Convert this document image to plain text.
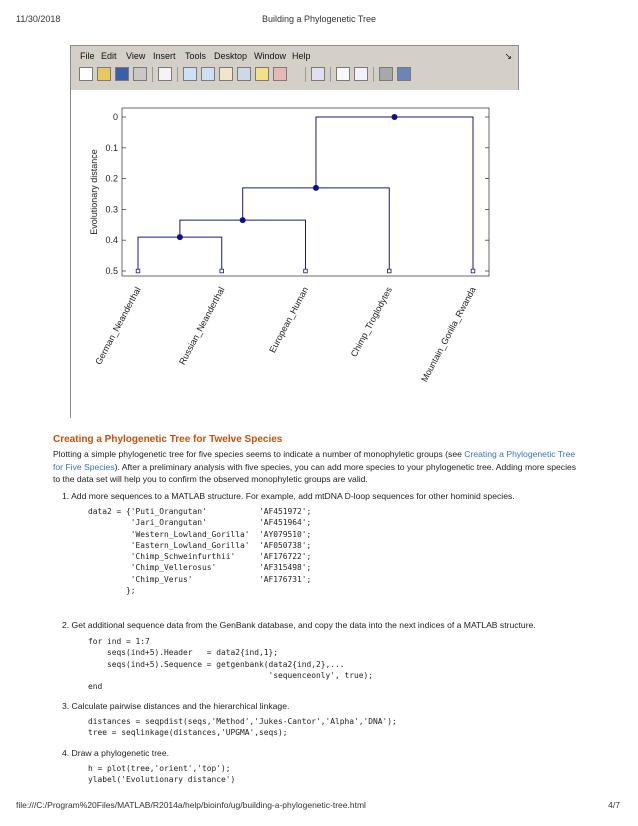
11/30/2018	Building a Phylogenetic Tree
File Edit View Insert Tools Desktop Window Help	↘
0
0.1
0.2
0.3
0.4
0.5
German_Neanderthal	Russian_Neanderthal	European_Human	Chimp_Troglodytes	Mountain_Gorilla_Rwanda
Evolutionary distance
Creating a Phylogenetic Tree for Twelve Species
Plotting a simple phylogenetic tree for five species seems to indicate a number of monophyletic groups (see Creating a Phylogenetic Tree for Five Species). After a preliminary analysis with five species, you can add more species to your phylogenetic tree. Adding more species to the data set will help you to confirm the observed monophyletic groups are valid.
1. Add more sequences to a MATLAB structure. For example, add mtDNA D-loop sequences for other hominid species.
data2 = {'Puti_Orangutan'           'AF451972';
'Jari_Orangutan'           'AF451964';
'Western_Lowland_Gorilla'  'AY079510';
'Eastern_Lowland_Gorilla'  'AF050738';
'Chimp_Schweinfurthii'     'AF176722';
'Chimp_Vellerosus'         'AF315498';
'Chimp_Verus'              'AF176731';
};
2. Get additional sequence data from the GenBank database, and copy the data into the next indices of a MATLAB structure.
for ind = 1:7
seqs(ind+5).Header   = data2{ind,1};
seqs(ind+5).Sequence = getgenbank(data2{ind,2},...
'sequenceonly', true);
end
3. Calculate pairwise distances and the hierarchical linkage.
distances = seqpdist(seqs,'Method','Jukes-Cantor','Alpha','DNA');
tree = seqlinkage(distances,'UPGMA',seqs);
4. Draw a phylogenetic tree.
h = plot(tree,'orient','top');
ylabel('Evolutionary distance')
file:///C:/Program%20Files/MATLAB/R2014a/help/bioinfo/ug/building-a-phylogenetic-tree.html	4/7
